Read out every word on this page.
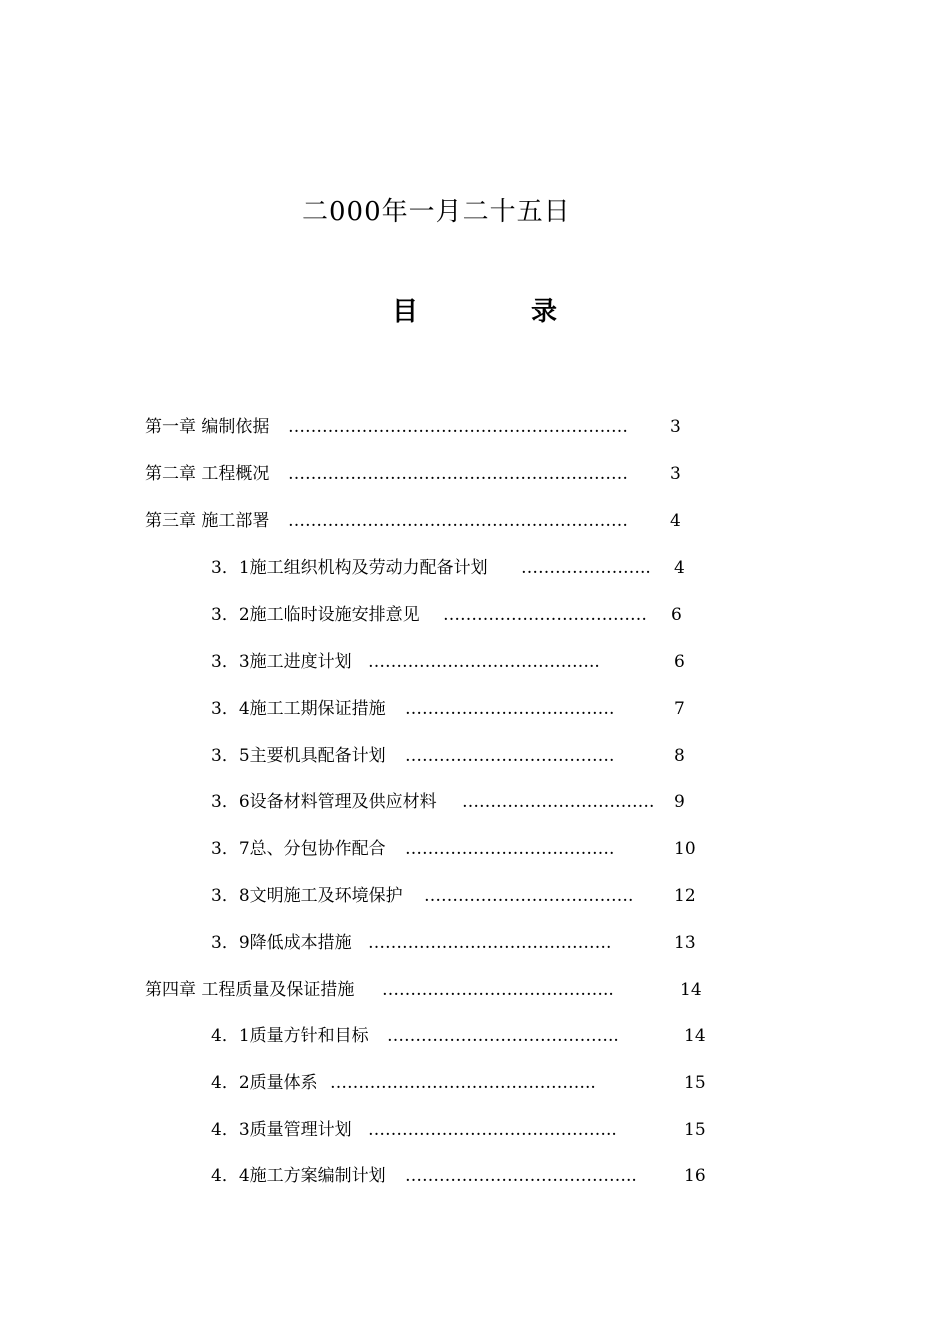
二000年一月二十五日
目	录
第一章 编制依据 ……………………………………………………	3
第二章 工程概况 ……………………………………………………	3
第三章 施工部署 ……………………………………………………	4
3．1施工组织机构及劳动力配备计划 …………………..	4
3．2施工临时设施安排意见 ………………………………	6
3．3施工进度计划 …………………………………..	6
3．4施工工期保证措施 ……………………………….	7
3．5主要机具配备计划 ……………………………….	8
3．6设备材料管理及供应材料 …………………………….	9
3．7总、分包协作配合 ……………………………….	10
3．8文明施工及环境保护 ……………………………….	12
3．9降低成本措施 …………………………………….	13
第四章 工程质量及保证措施 …………………………………..	14
4．1质量方针和目标 …………………………………..	14
4．2质量体系 ………………………………………..	15
4．3质量管理计划 ……………………………………..	15
4．4施工方案编制计划 …………………………………..	16
